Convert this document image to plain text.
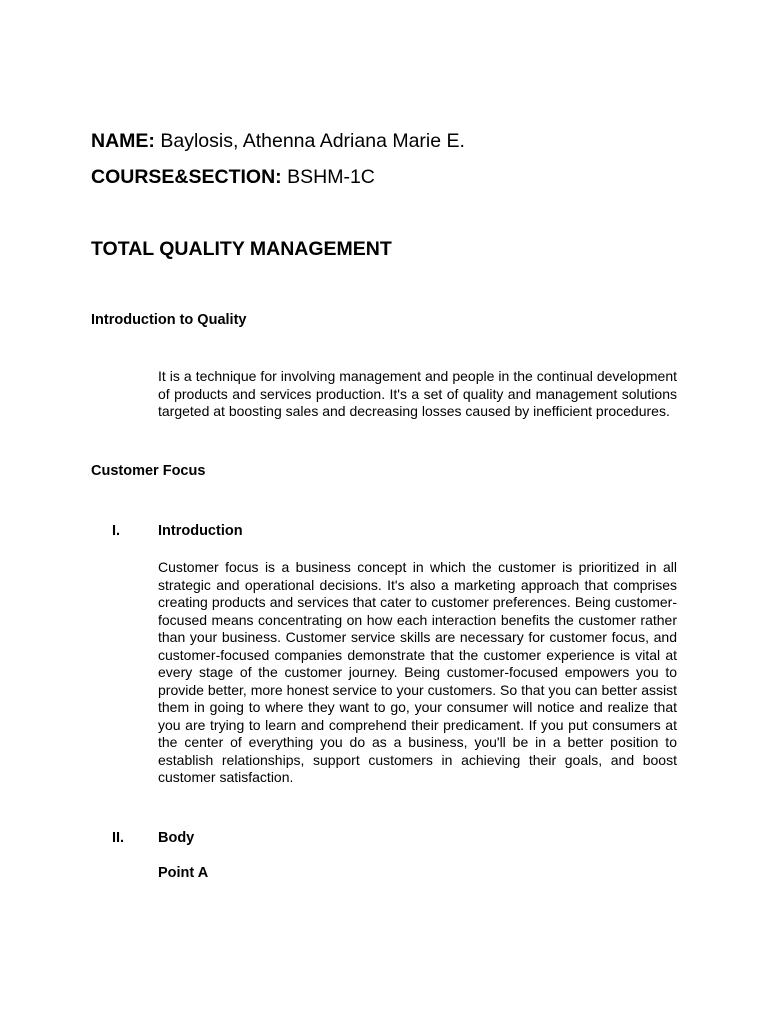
NAME: Baylosis, Athenna Adriana Marie E.
COURSE&SECTION: BSHM-1C
TOTAL QUALITY MANAGEMENT
Introduction to Quality
It is a technique for involving management and people in the continual development of products and services production. It's a set of quality and management solutions targeted at boosting sales and decreasing losses caused by inefficient procedures.
Customer Focus
I.	Introduction
Customer focus is a business concept in which the customer is prioritized in all strategic and operational decisions. It's also a marketing approach that comprises creating products and services that cater to customer preferences. Being customer-focused means concentrating on how each interaction benefits the customer rather than your business. Customer service skills are necessary for customer focus, and customer-focused companies demonstrate that the customer experience is vital at every stage of the customer journey. Being customer-focused empowers you to provide better, more honest service to your customers. So that you can better assist them in going to where they want to go, your consumer will notice and realize that you are trying to learn and comprehend their predicament. If you put consumers at the center of everything you do as a business, you'll be in a better position to establish relationships, support customers in achieving their goals, and boost customer satisfaction.
II. Body
Point A
